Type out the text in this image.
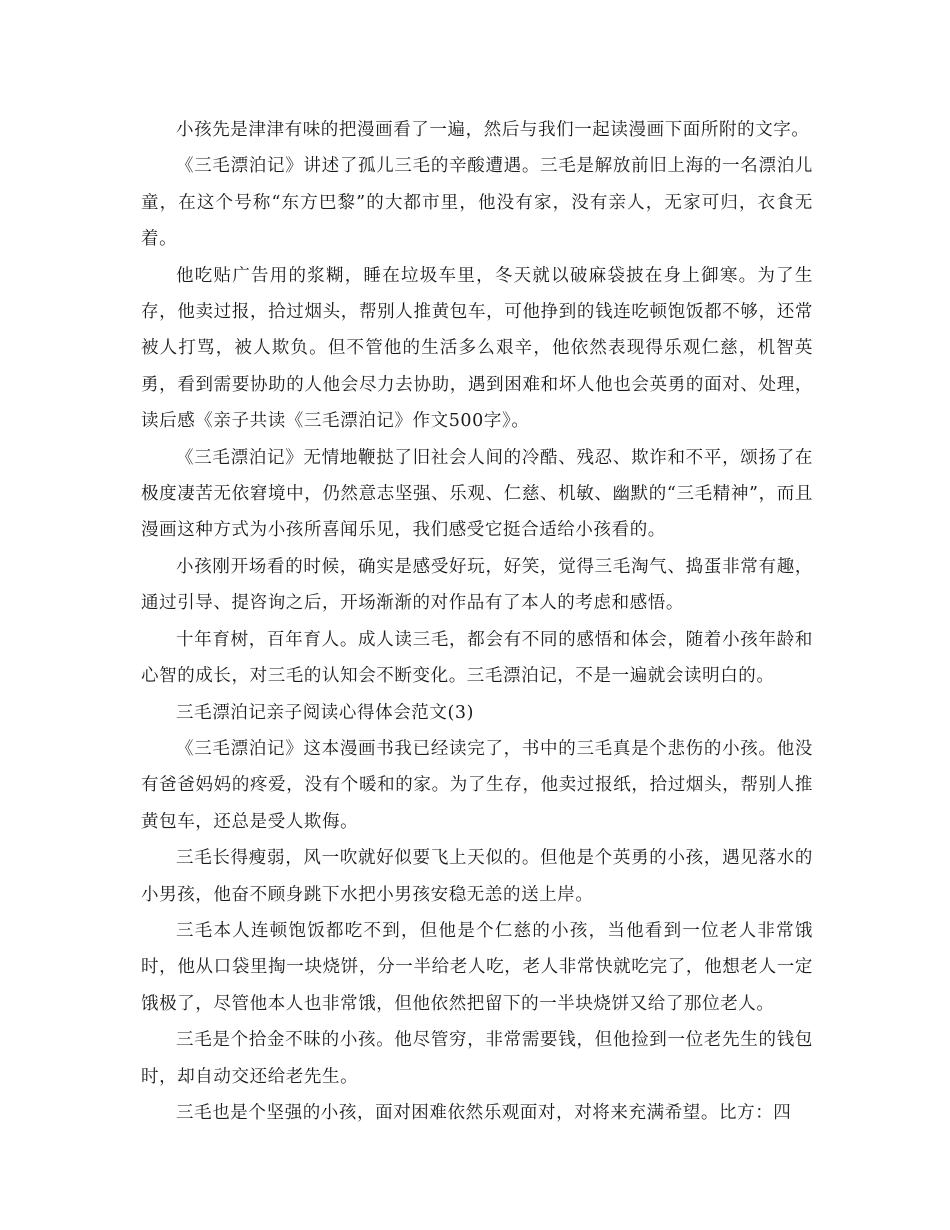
小孩先是津津有味的把漫画看了一遍，然后与我们一起读漫画下面所附的文字。

《三毛漂泊记》讲述了孤儿三毛的辛酸遭遇。三毛是解放前旧上海的一名漂泊儿童，在这个号称“东方巴黎”的大都市里，他没有家，没有亲人，无家可归，衣食无着。

他吃贴广告用的浆糊，睡在垃圾车里，冬天就以破麻袋披在身上御寒。为了生存，他卖过报，拾过烟头，帮别人推黄包车，可他挣到的钱连吃顿饱饭都不够，还常被人打骂，被人欺负。但不管他的生活多么艰辛，他依然表现得乐观仁慈，机智英勇，看到需要协助的人他会尽力去协助，遇到困难和坏人他也会英勇的面对、处理，读后感《亲子共读《三毛漂泊记》作文500字》。

《三毛漂泊记》无情地鞭挞了旧社会人间的冷酷、残忍、欺诈和不平，颂扬了在极度凄苦无依窘境中，仍然意志坚强、乐观、仁慈、机敏、幽默的“三毛精神”，而且漫画这种方式为小孩所喜闻乐见，我们感受它挺合适给小孩看的。

小孩刚开场看的时候，确实是感受好玩，好笑，觉得三毛淘气、捣蛋非常有趣，通过引导、提咨询之后，开场渐渐的对作品有了本人的考虑和感悟。

十年育树，百年育人。成人读三毛，都会有不同的感悟和体会，随着小孩年龄和心智的成长，对三毛的认知会不断变化。三毛漂泊记，不是一遍就会读明白的。

三毛漂泊记亲子阅读心得体会范文(3)

《三毛漂泊记》这本漫画书我已经读完了，书中的三毛真是个悲伤的小孩。他没有爸爸妈妈的疼爱，没有个暖和的家。为了生存，他卖过报纸，拾过烟头，帮别人推黄包车，还总是受人欺侮。

三毛长得瘦弱，风一吹就好似要飞上天似的。但他是个英勇的小孩，遇见落水的小男孩，他奋不顾身跳下水把小男孩安稳无恙的送上岸。

三毛本人连顿饱饭都吃不到，但他是个仁慈的小孩，当他看到一位老人非常饿时，他从口袋里掏一块烧饼，分一半给老人吃，老人非常快就吃完了，他想老人一定饿极了，尽管他本人也非常饿，但他依然把留下的一半块烧饼又给了那位老人。

三毛是个拾金不昧的小孩。他尽管穷，非常需要钱，但他捡到一位老先生的钱包时，却自动交还给老先生。

三毛也是个坚强的小孩，面对困难依然乐观面对，对将来充满希望。比方：四
